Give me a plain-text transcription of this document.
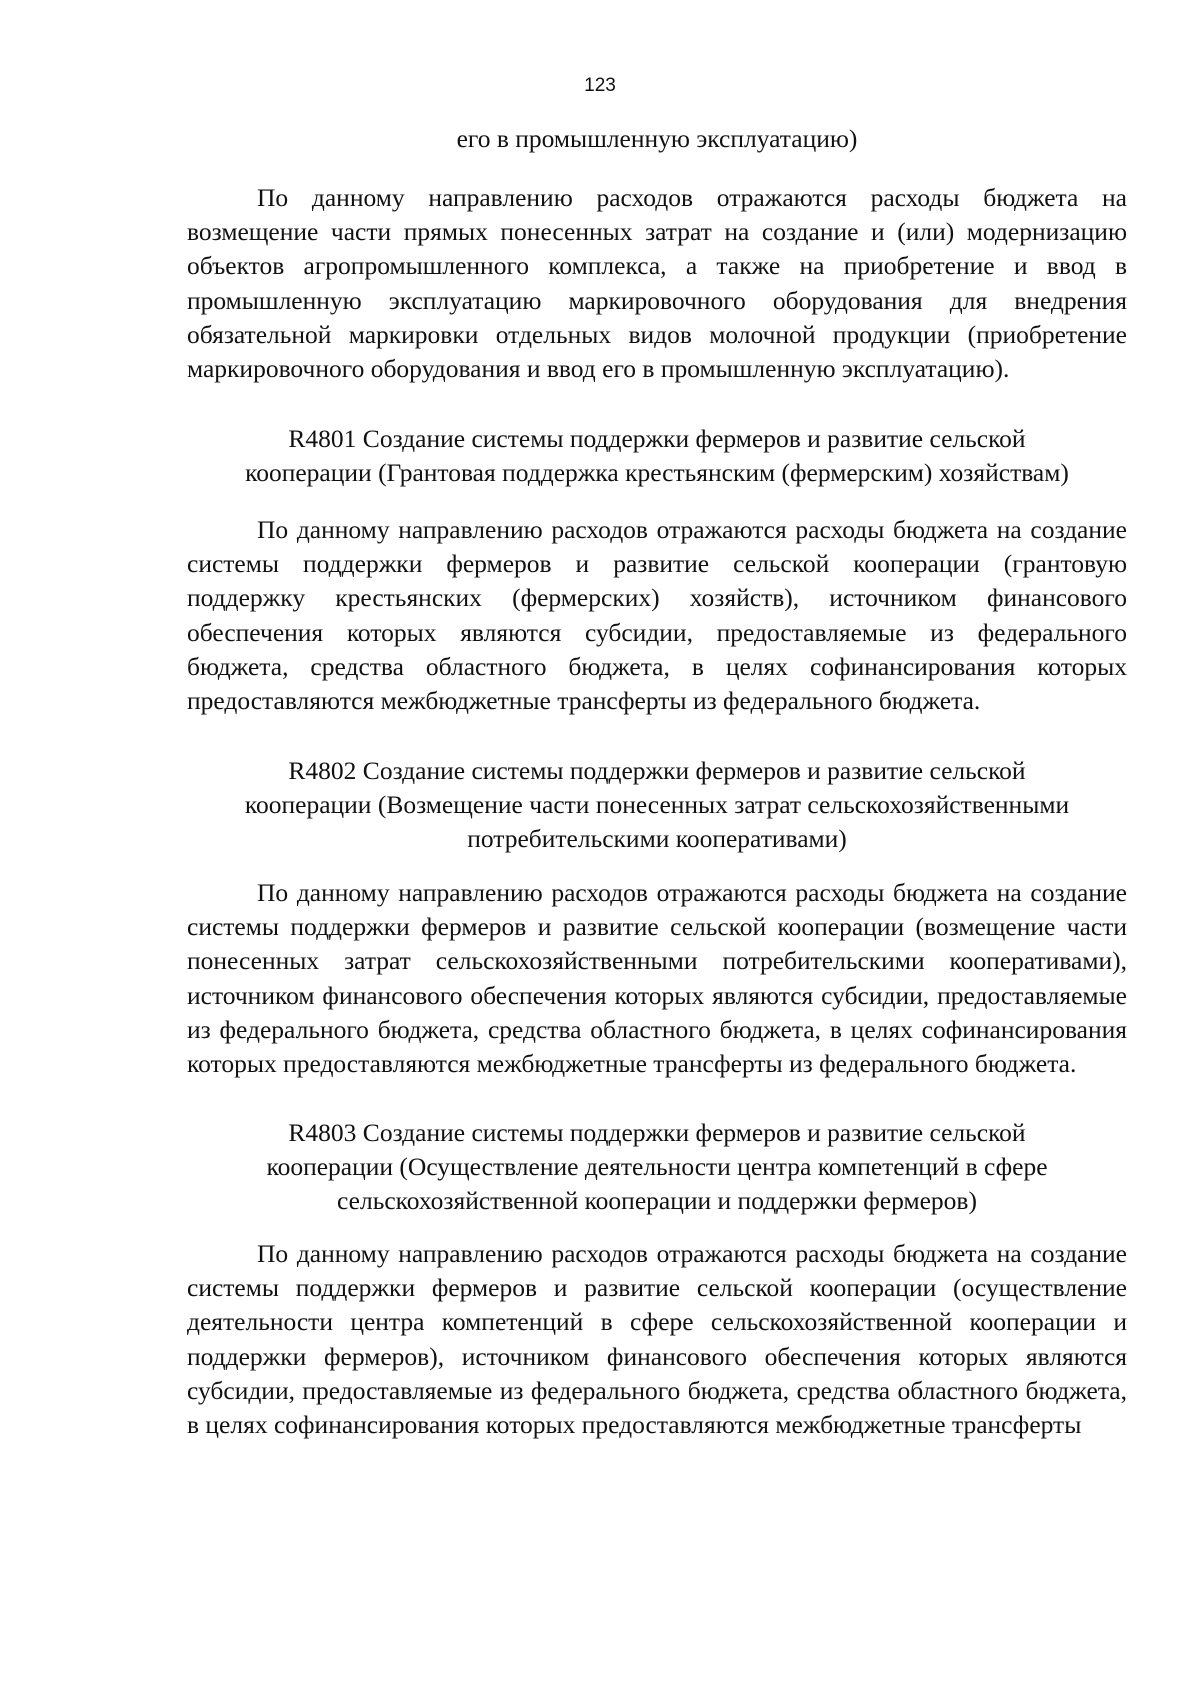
123
его в промышленную эксплуатацию)
По данному направлению расходов отражаются расходы бюджета на возмещение части прямых понесенных затрат на создание и (или) модернизацию объектов агропромышленного комплекса, а также на приобретение и ввод в промышленную эксплуатацию маркировочного оборудования для внедрения обязательной маркировки отдельных видов молочной продукции (приобретение маркировочного оборудования и ввод его в промышленную эксплуатацию).
R4801 Создание системы поддержки фермеров и развитие сельской
кооперации (Грантовая поддержка крестьянским (фермерским) хозяйствам)
По данному направлению расходов отражаются расходы бюджета на создание системы поддержки фермеров и развитие сельской кооперации (грантовую поддержку крестьянских (фермерских) хозяйств), источником финансового обеспечения которых являются субсидии, предоставляемые из федерального бюджета, средства областного бюджета, в целях софинансирования которых предоставляются межбюджетные трансферты из федерального бюджета.
R4802 Создание системы поддержки фермеров и развитие сельской
кооперации (Возмещение части понесенных затрат сельскохозяйственными
потребительскими кооперативами)
По данному направлению расходов отражаются расходы бюджета на создание системы поддержки фермеров и развитие сельской кооперации (возмещение части понесенных затрат сельскохозяйственными потребительскими кооперативами), источником финансового обеспечения которых являются субсидии, предоставляемые из федерального бюджета, средства областного бюджета, в целях софинансирования которых предоставляются межбюджетные трансферты из федерального бюджета.
R4803 Создание системы поддержки фермеров и развитие сельской
кооперации (Осуществление деятельности центра компетенций в сфере
сельскохозяйственной кооперации и поддержки фермеров)
По данному направлению расходов отражаются расходы бюджета на создание системы поддержки фермеров и развитие сельской кооперации (осуществление деятельности центра компетенций в сфере сельскохозяйственной кооперации и поддержки фермеров), источником финансового обеспечения которых являются субсидии, предоставляемые из федерального бюджета, средства областного бюджета, в целях софинансирования которых предоставляются межбюджетные трансферты
